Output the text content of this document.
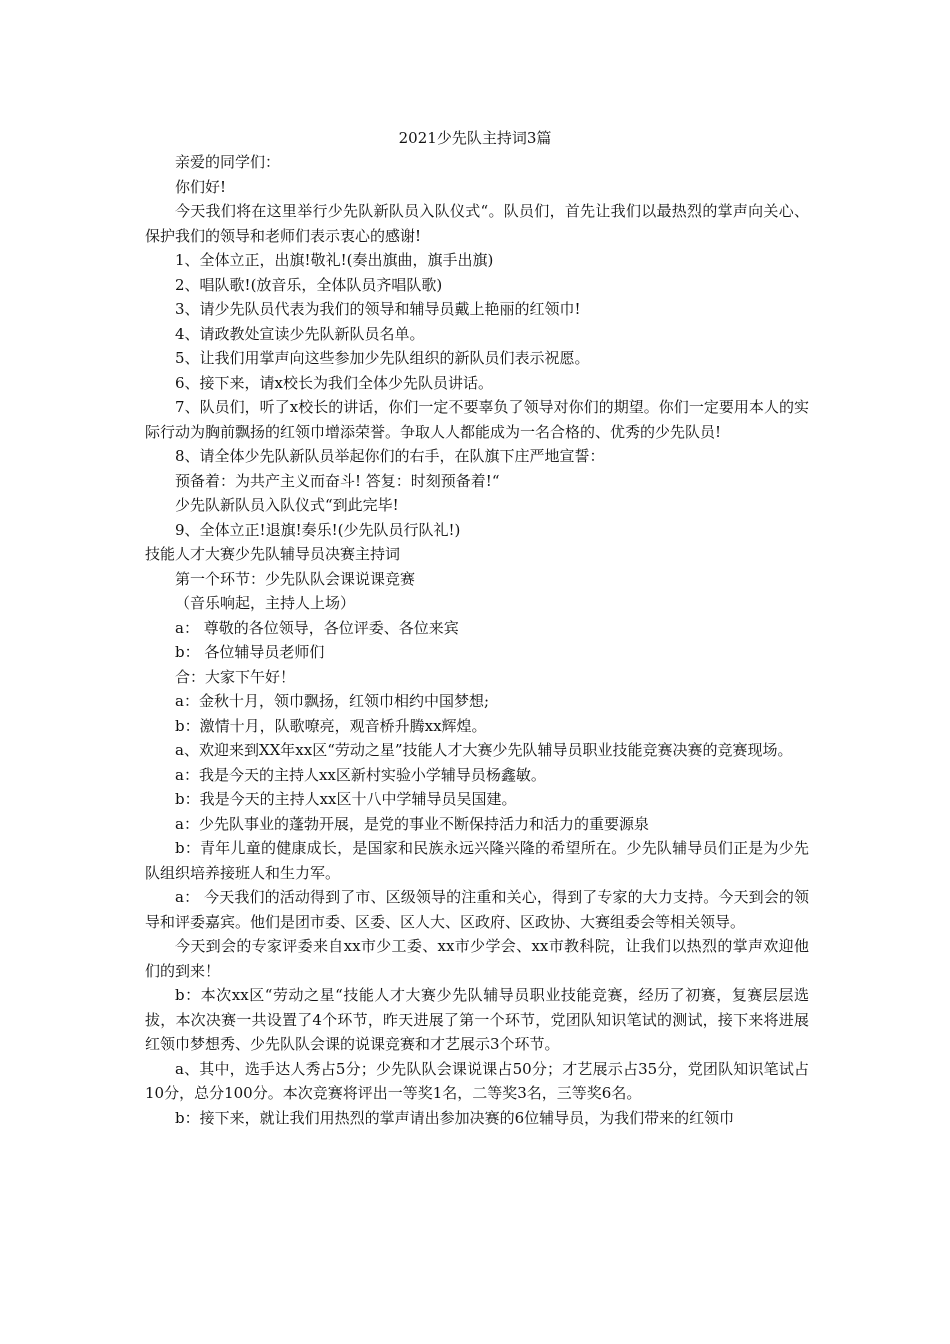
2021少先队主持词3篇

亲爱的同学们：

你们好!

今天我们将在这里举行少先队新队员入队仪式“。队员们，首先让我们以最热烈的掌声向关心、保护我们的领导和老师们表示衷心的感谢!

1、全体立正，出旗!敬礼!(奏出旗曲，旗手出旗)

2、唱队歌!(放音乐，全体队员齐唱队歌)

3、请少先队员代表为我们的领导和辅导员戴上艳丽的红领巾!

4、请政教处宣读少先队新队员名单。

5、让我们用掌声向这些参加少先队组织的新队员们表示祝愿。

6、接下来，请x校长为我们全体少先队员讲话。

7、队员们，听了x校长的讲话，你们一定不要辜负了领导对你们的期望。你们一定要用本人的实际行动为胸前飘扬的红领巾增添荣誉。争取人人都能成为一名合格的、优秀的少先队员!

8、请全体少先队新队员举起你们的右手，在队旗下庄严地宣誓：

预备着：为共产主义而奋斗! 答复：时刻预备着!“

少先队新队员入队仪式“到此完毕!

9、全体立正!退旗!奏乐!(少先队员行队礼!)

技能人才大赛少先队辅导员决赛主持词

第一个环节：少先队队会课说课竞赛

（音乐响起，主持人上场）

a： 尊敬的各位领导，各位评委、各位来宾

b： 各位辅导员老师们

合：大家下午好！

a：金秋十月，领巾飘扬，红领巾相约中国梦想;

b：激情十月，队歌嘹亮，观音桥升腾xx辉煌。

a、欢迎来到XX年xx区“劳动之星”技能人才大赛少先队辅导员职业技能竞赛决赛的竞赛现场。

a：我是今天的主持人xx区新村实验小学辅导员杨鑫敏。

b：我是今天的主持人xx区十八中学辅导员吴国建。

a：少先队事业的蓬勃开展，是党的事业不断保持活力和活力的重要源泉

b：青年儿童的健康成长，是国家和民族永远兴隆兴隆的希望所在。少先队辅导员们正是为少先队组织培养接班人和生力军。

a： 今天我们的活动得到了市、区级领导的注重和关心，得到了专家的大力支持。今天到会的领导和评委嘉宾。他们是团市委、区委、区人大、区政府、区政协、大赛组委会等相关领导。

今天到会的专家评委来自xx市少工委、xx市少学会、xx市教科院，让我们以热烈的掌声欢迎他们的到来！

b：本次xx区“劳动之星“技能人才大赛少先队辅导员职业技能竞赛，经历了初赛，复赛层层选拔，本次决赛一共设置了4个环节，昨天进展了第一个环节，党团队知识笔试的测试，接下来将进展红领巾梦想秀、少先队队会课的说课竞赛和才艺展示3个环节。

a、其中，选手达人秀占5分；少先队队会课说课占50分；才艺展示占35分，党团队知识笔试占10分，总分100分。本次竞赛将评出一等奖1名，二等奖3名，三等奖6名。

b：接下来，就让我们用热烈的掌声请出参加决赛的6位辅导员，为我们带来的红领巾
